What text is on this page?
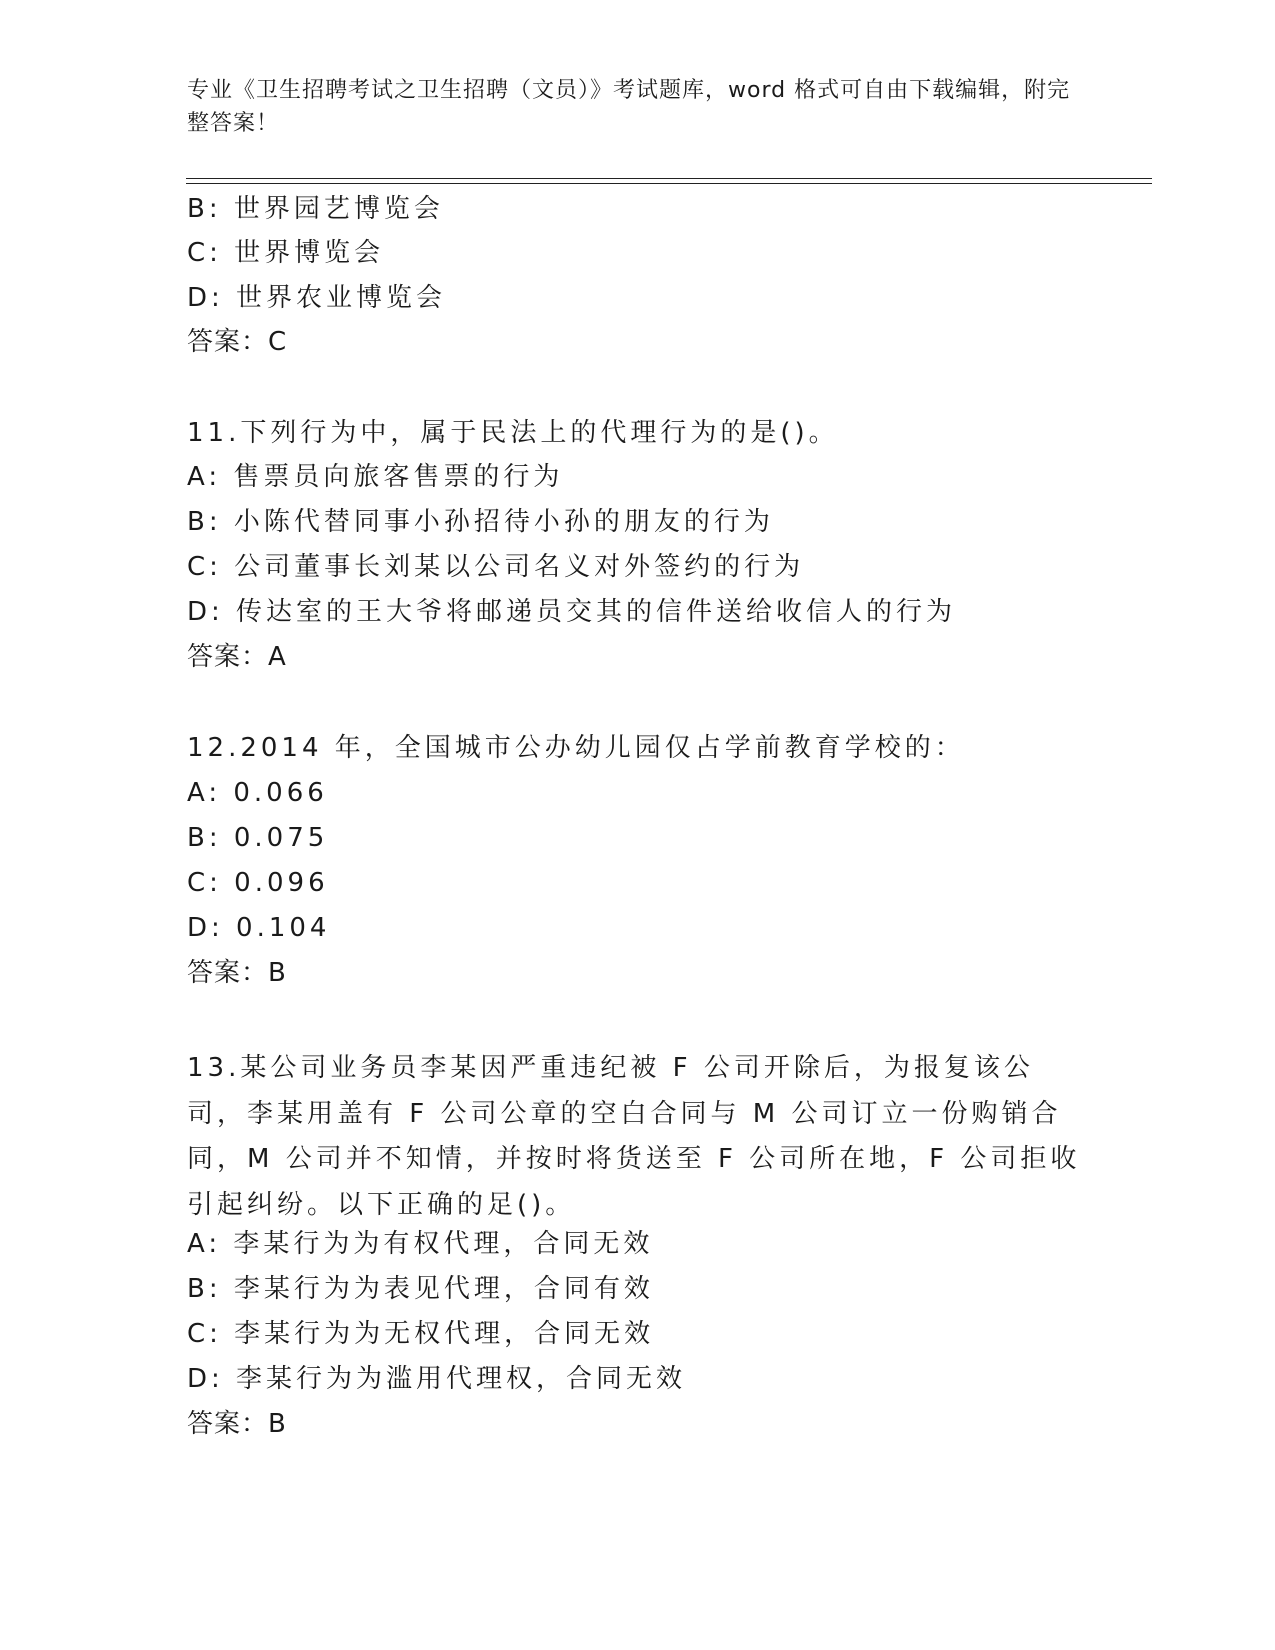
专业《卫生招聘考试之卫生招聘（文员）》考试题库，word 格式可自由下载编辑，附完整答案！
B: 世界园艺博览会
C: 世界博览会
D: 世界农业博览会
答案：C
11.下列行为中，属于民法上的代理行为的是()。
A: 售票员向旅客售票的行为
B: 小陈代替同事小孙招待小孙的朋友的行为
C: 公司董事长刘某以公司名义对外签约的行为
D: 传达室的王大爷将邮递员交其的信件送给收信人的行为
答案：A
12.2014 年，全国城市公办幼儿园仅占学前教育学校的：
A: 0.066
B: 0.075
C: 0.096
D: 0.104
答案：B
13.某公司业务员李某因严重违纪被 F 公司开除后，为报复该公司，李某用盖有 F 公司公章的空白合同与 M 公司订立一份购销合同，M 公司并不知情，并按时将货送至 F 公司所在地，F 公司拒收引起纠纷。以下正确的足()。
A: 李某行为为有权代理，合同无效
B: 李某行为为表见代理，合同有效
C: 李某行为为无权代理，合同无效
D: 李某行为为滥用代理权，合同无效
答案：B
